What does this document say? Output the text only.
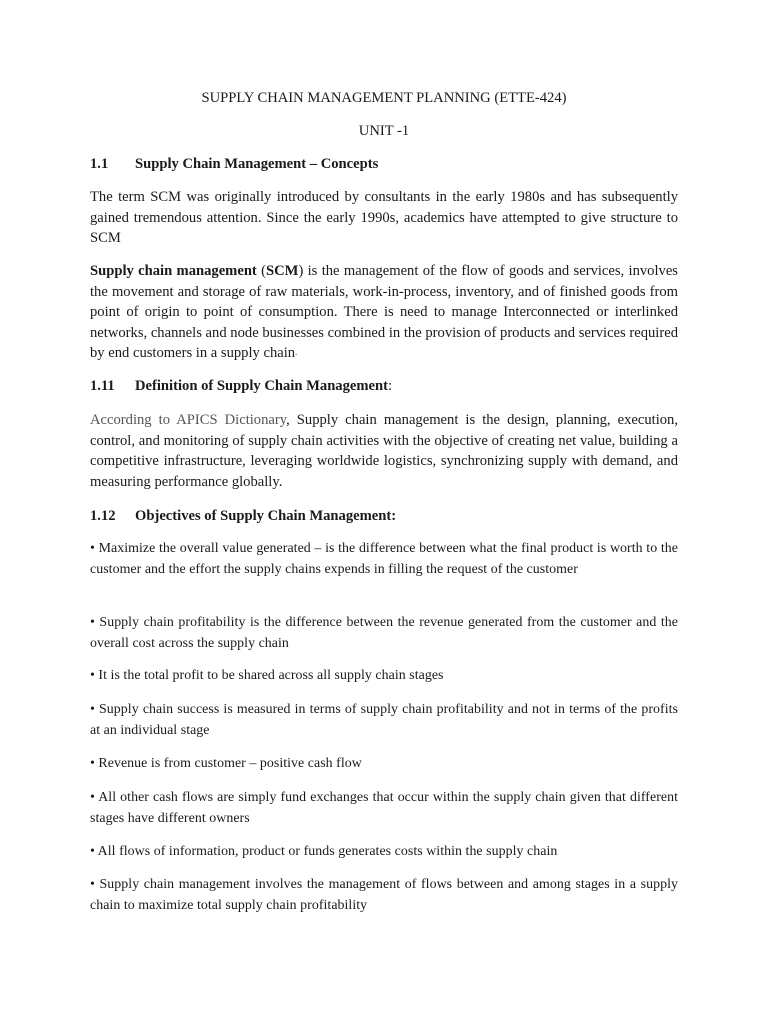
SUPPLY CHAIN MANAGEMENT PLANNING (ETTE-424)

UNIT -1

1.1 Supply Chain Management – Concepts

The term SCM was originally introduced by consultants in the early 1980s and has subsequently gained tremendous attention. Since the early 1990s, academics have attempted to give structure to SCM

Supply chain management (SCM) is the management of the flow of goods and services, involves the movement and storage of raw materials, work-in-process, inventory, and of finished goods from point of origin to point of consumption. There is need to manage Interconnected or interlinked networks, channels and node businesses combined in the provision of products and services required by end customers in a supply chain.

1.11 Definition of Supply Chain Management:

According to APICS Dictionary, Supply chain management is the design, planning, execution, control, and monitoring of supply chain activities with the objective of creating net value, building a competitive infrastructure, leveraging worldwide logistics, synchronizing supply with demand, and measuring performance globally.

1.12 Objectives of Supply Chain Management:

• Maximize the overall value generated – is the difference between what the final product is worth to the customer and the effort the supply chains expends in filling the request of the customer

• Supply chain profitability is the difference between the revenue generated from the customer and the overall cost across the supply chain

• It is the total profit to be shared across all supply chain stages

• Supply chain success is measured in terms of supply chain profitability and not in terms of the profits at an individual stage

• Revenue is from customer – positive cash flow

• All other cash flows are simply fund exchanges that occur within the supply chain given that different stages have different owners

• All flows of information, product or funds generates costs within the supply chain

• Supply chain management involves the management of flows between and among stages in a supply chain to maximize total supply chain profitability
